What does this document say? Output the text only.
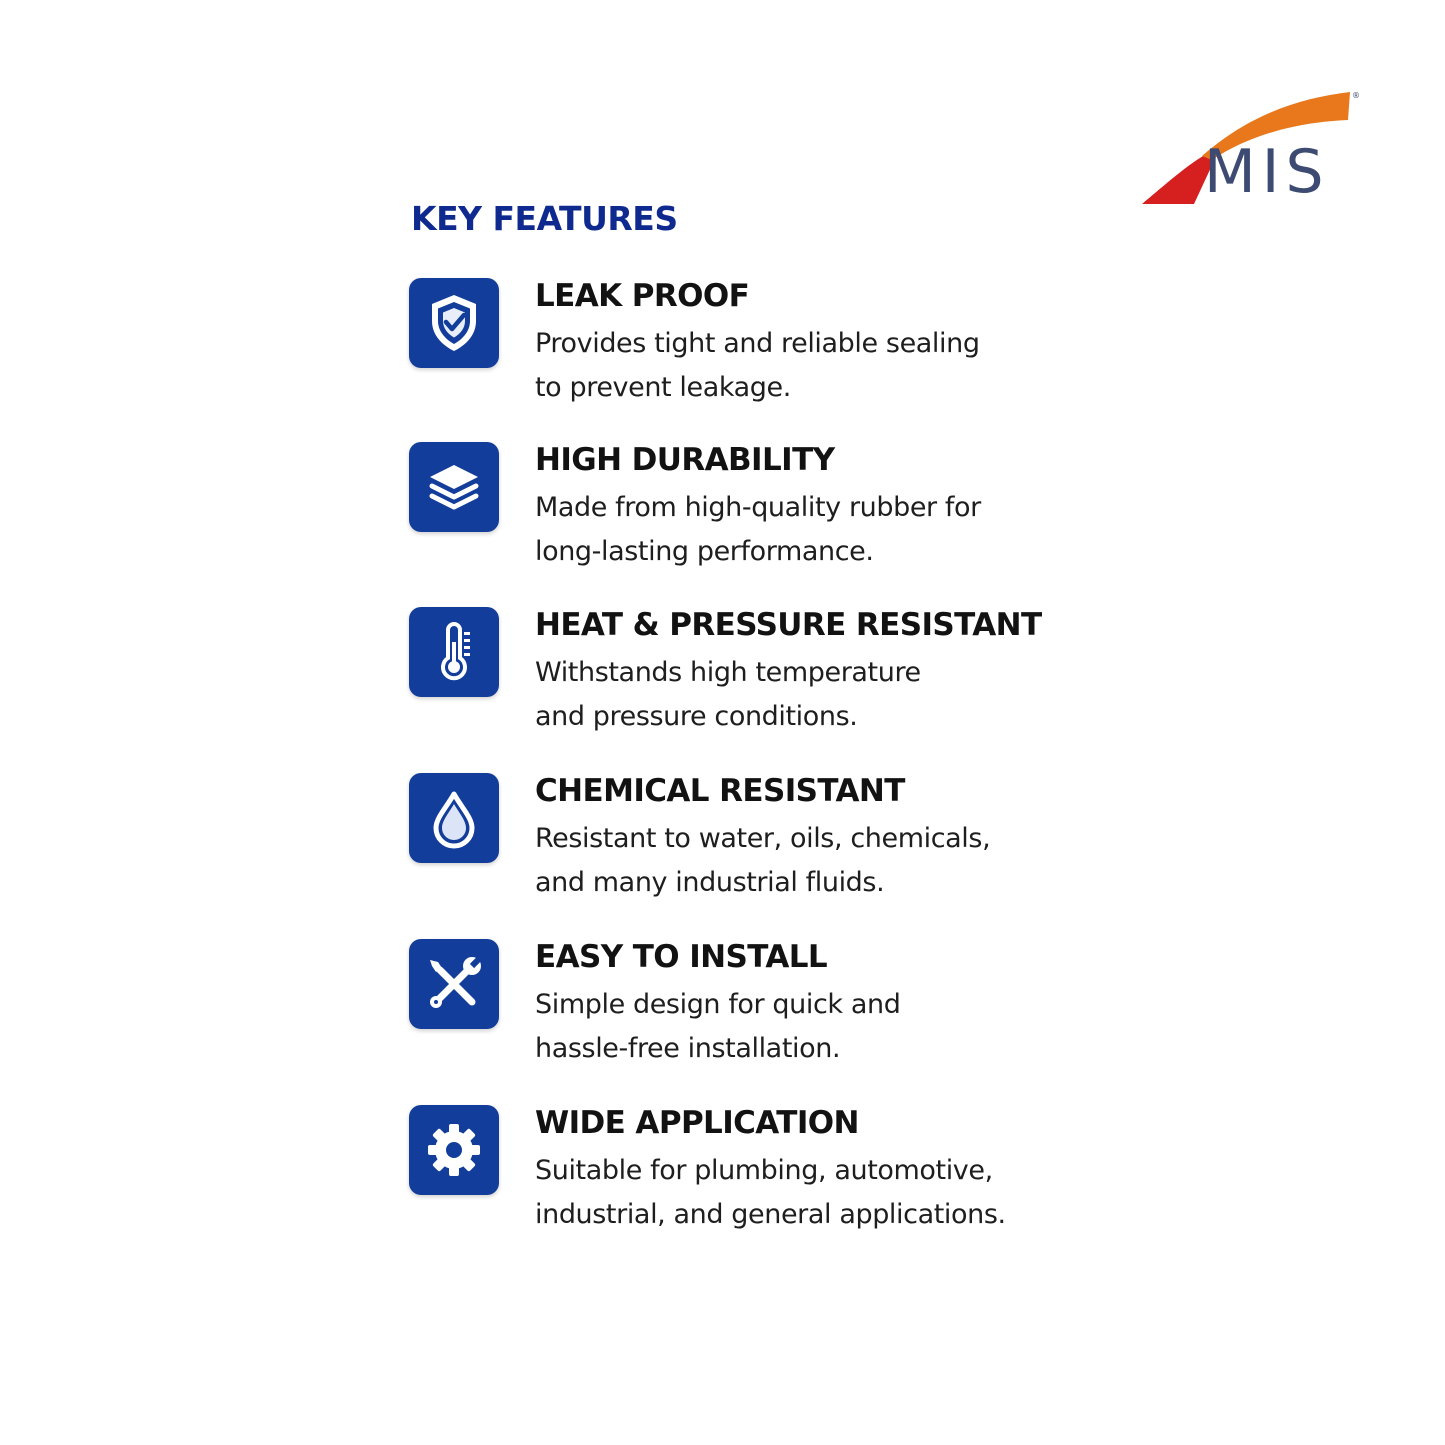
®
MIS
KEY FEATURES
LEAK PROOF
Provides tight and reliable sealing
to prevent leakage.
HIGH DURABILITY
Made from high-quality rubber for
long-lasting performance.
HEAT & PRESSURE RESISTANT
Withstands high temperature
and pressure conditions.
CHEMICAL RESISTANT
Resistant to water, oils, chemicals,
and many industrial fluids.
EASY TO INSTALL
Simple design for quick and
hassle-free installation.
WIDE APPLICATION
Suitable for plumbing, automotive,
industrial, and general applications.
